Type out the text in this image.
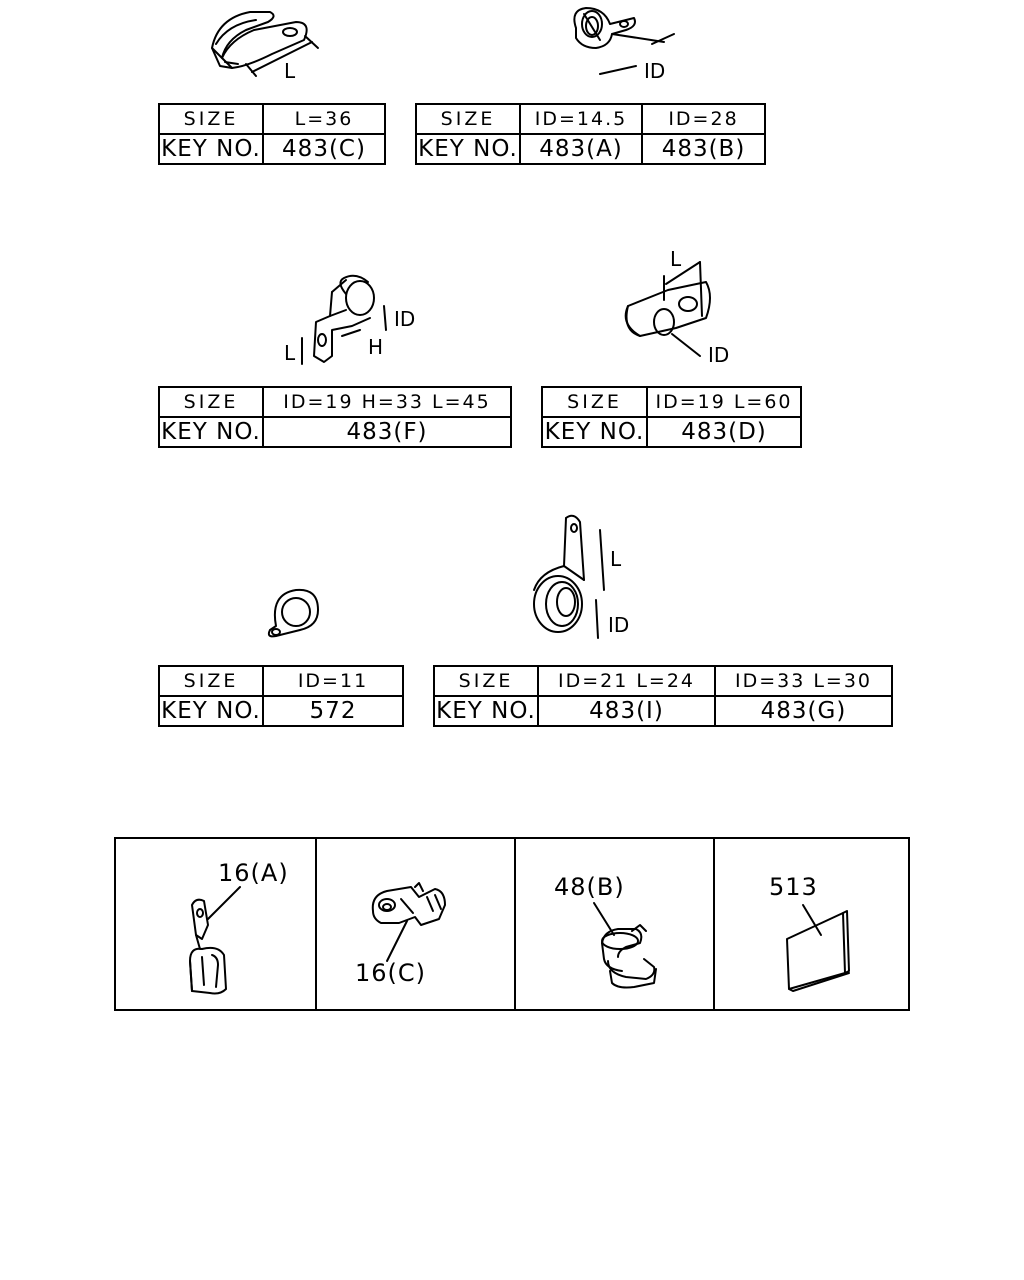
L	ID
ID
L	H
L
ID
L
ID
SIZE	L=36
KEY NO.	483(C)
SIZE	ID=14.5	ID=28
KEY NO.	483(A)	483(B)
SIZE	ID=19 H=33 L=45
KEY NO.	483(F)
SIZE	ID=19 L=60
KEY NO.	483(D)
SIZE	ID=11
KEY NO.	572
SIZE	ID=21 L=24	ID=33 L=30
KEY NO.	483(I)	483(G)
16(A)
16(C)
48(B)	513
